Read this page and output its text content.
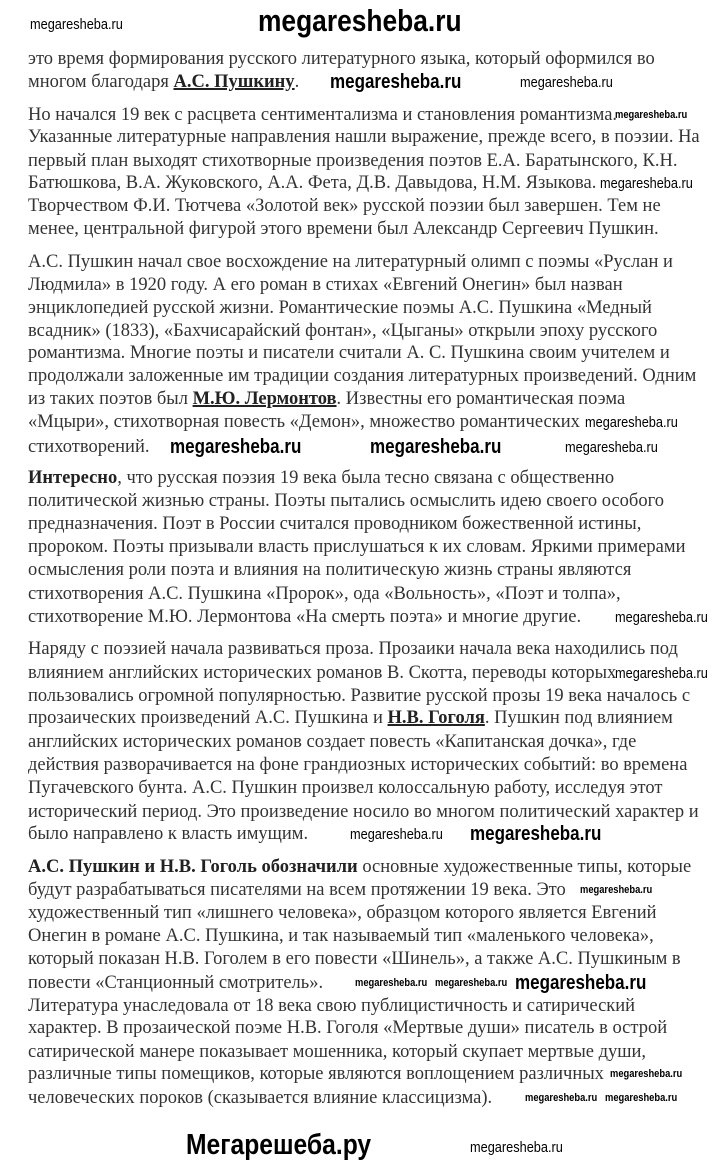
megaresheba.ru
это время формирования русского литературного языка, который оформился во
многом благодаря А.С. Пушкину.
Но начался 19 век с расцвета сентиментализма и становления романтизма.
Указанные литературные направления нашли выражение, прежде всего, в поэзии. На
первый план выходят стихотворные произведения поэтов Е.А. Баратынского, К.Н.
Батюшкова, В.А. Жуковского, А.А. Фета, Д.В. Давыдова, Н.М. Языкова.
Творчеством Ф.И. Тютчева «Золотой век» русской поэзии был завершен. Тем не
менее, центральной фигурой этого времени был Александр Сергеевич Пушкин.
А.С. Пушкин начал свое восхождение на литературный олимп с поэмы «Руслан и
Людмила» в 1920 году. А его роман в стихах «Евгений Онегин» был назван
энциклопедией русской жизни. Романтические поэмы А.С. Пушкина «Медный
всадник» (1833), «Бахчисарайский фонтан», «Цыганы» открыли эпоху русского
романтизма. Многие поэты и писатели считали А. С. Пушкина своим учителем и
продолжали заложенные им традиции создания литературных произведений. Одним
из таких поэтов был М.Ю. Лермонтов. Известны его романтическая поэма
«Мцыри», стихотворная повесть «Демон», множество романтических
стихотворений.
Интересно, что русская поэзия 19 века была тесно связана с общественно
политической жизнью страны. Поэты пытались осмыслить идею своего особого
предназначения. Поэт в России считался проводником божественной истины,
пророком. Поэты призывали власть прислушаться к их словам. Яркими примерами
осмысления роли поэта и влияния на политическую жизнь страны являются
стихотворения А.С. Пушкина «Пророк», ода «Вольность», «Поэт и толпа»,
стихотворение М.Ю. Лермонтова «На смерть поэта» и многие другие.
Наряду с поэзией начала развиваться проза. Прозаики начала века находились под
влиянием английских исторических романов В. Скотта, переводы которых
пользовались огромной популярностью. Развитие русской прозы 19 века началось с
прозаических произведений А.С. Пушкина и Н.В. Гоголя. Пушкин под влиянием
английских исторических романов создает повесть «Капитанская дочка», где
действия разворачивается на фоне грандиозных исторических событий: во времена
Пугачевского бунта. А.С. Пушкин произвел колоссальную работу, исследуя этот
исторический период. Это произведение носило во многом политический характер и
было направлено к власть имущим.
А.С. Пушкин и Н.В. Гоголь обозначили основные художественные типы, которые
будут разрабатываться писателями на всем протяжении 19 века. Это
художественный тип «лишнего человека», образцом которого является Евгений
Онегин в романе А.С. Пушкина, и так называемый тип «маленького человека»,
который показан Н.В. Гоголем в его повести «Шинель», а также А.С. Пушкиным в
повести «Станционный смотритель».
Литература унаследовала от 18 века свою публицистичность и сатирический
характер. В прозаической поэме Н.В. Гоголя «Мертвые души» писатель в острой
сатирической манере показывает мошенника, который скупает мертвые души,
различные типы помещиков, которые являются воплощением различных
человеческих пороков (сказывается влияние классицизма).
megaresheba.ru
megaresheba.ru	megaresheba.ru
megaresheba.ru
megaresheba.ru
megaresheba.ru
megaresheba.ru	megaresheba.ru	megaresheba.ru
megaresheba.ru
megaresheba.ru
megaresheba.ru megaresheba.ru
megaresheba.ru
megaresheba.ru megaresheba.ru megaresheba.ru
megaresheba.ru
megaresheba.ru megaresheba.ru
megaresheba.ru
Мегарешеба.ру
